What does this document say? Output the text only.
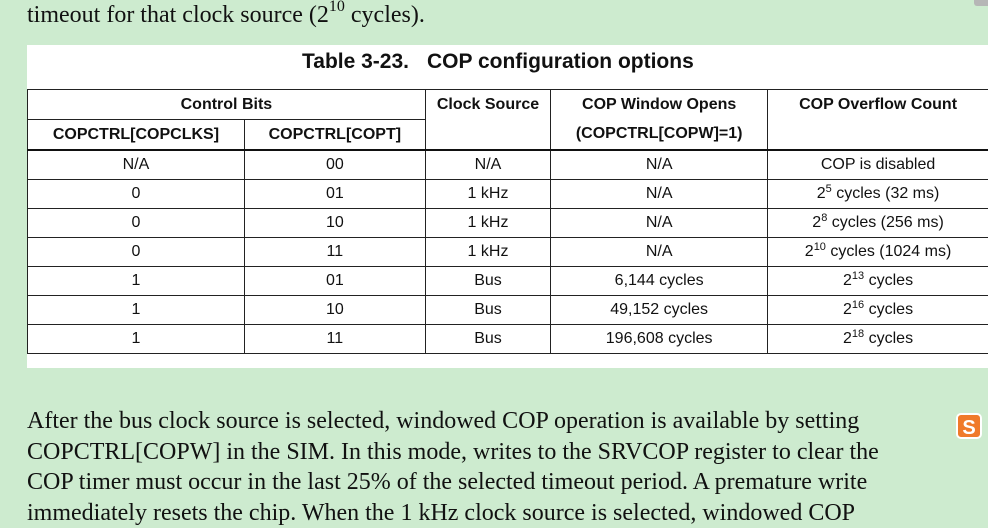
timeout for that clock source ($2^{10}$ cycles).
Table 3-23. COP configuration options
Control Bits		Clock Source	COP Window Opens	COP Overflow Count
COPCTRL[COPCLKS]	COPCTRL[COPT]		(COPCTRL[COPW]=1)	
N/A	00	N/A	N/A	COP is disabled
0	01	1 kHz	N/A	$2^5$ cycles (32 ms)
0	10	1 kHz	N/A	$2^8$ cycles (256 ms)
0	11	1 kHz	N/A	$2^{10}$ cycles (1024 ms)
1	01	Bus	6,144 cycles	$2^{13}$ cycles
1	10	Bus	49,152 cycles	$2^{16}$ cycles
1	11	Bus	196,608 cycles	$2^{18}$ cycles

After the bus clock source is selected, windowed COP operation is available by setting

COPCTRL[COPW] in the SIM. In this mode, writes to the SRVCOP register to clear the

COP timer must occur in the last 25% of the selected timeout period. A premature write

immediately resets the chip. When the 1 kHz clock source is selected, windowed COP

S
